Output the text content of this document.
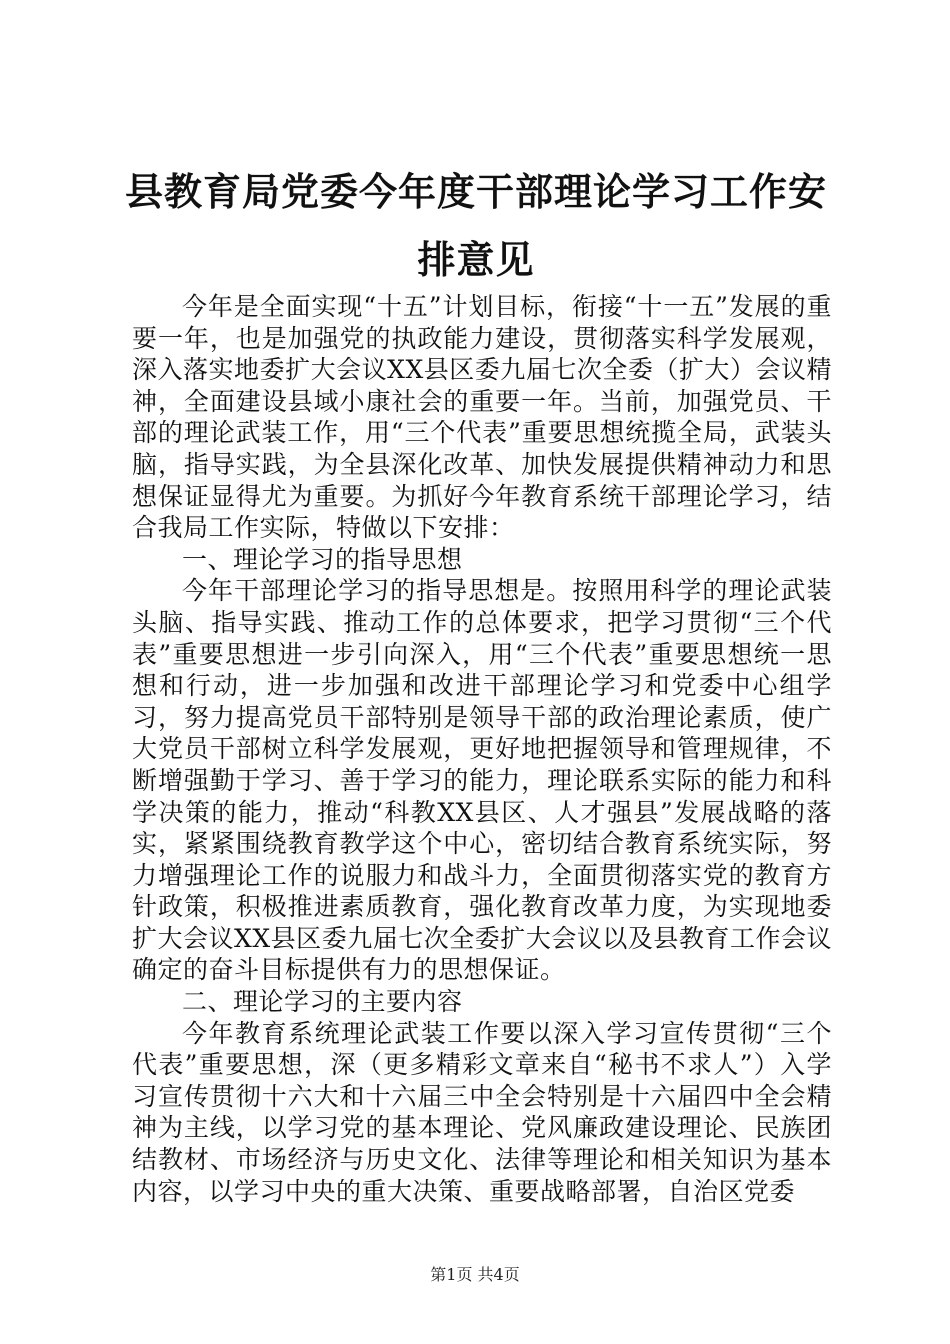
县教育局党委今年度干部理论学习工作安排意见

今年是全面实现“十五”计划目标，衔接“十一五”发展的重要一年，也是加强党的执政能力建设，贯彻落实科学发展观，深入落实地委扩大会议XX县区委九届七次全委（扩大）会议精神，全面建设县域小康社会的重要一年。当前，加强党员、干部的理论武装工作，用“三个代表”重要思想统揽全局，武装头脑，指导实践，为全县深化改革、加快发展提供精神动力和思想保证显得尤为重要。为抓好今年教育系统干部理论学习，结合我局工作实际，特做以下安排：

一、理论学习的指导思想

今年干部理论学习的指导思想是。按照用科学的理论武装头脑、指导实践、推动工作的总体要求，把学习贯彻“三个代表”重要思想进一步引向深入，用“三个代表”重要思想统一思想和行动，进一步加强和改进干部理论学习和党委中心组学习，努力提高党员干部特别是领导干部的政治理论素质，使广大党员干部树立科学发展观，更好地把握领导和管理规律，不断增强勤于学习、善于学习的能力，理论联系实际的能力和科学决策的能力，推动“科教XX县区、人才强县”发展战略的落实，紧紧围绕教育教学这个中心，密切结合教育系统实际，努力增强理论工作的说服力和战斗力，全面贯彻落实党的教育方针政策，积极推进素质教育，强化教育改革力度，为实现地委扩大会议XX县区委九届七次全委扩大会议以及县教育工作会议确定的奋斗目标提供有力的思想保证。

二、理论学习的主要内容

今年教育系统理论武装工作要以深入学习宣传贯彻“三个代表”重要思想，深（更多精彩文章来自“秘书不求人”）入学习宣传贯彻十六大和十六届三中全会特别是十六届四中全会精神为主线，以学习党的基本理论、党风廉政建设理论、民族团结教材、市场经济与历史文化、法律等理论和相关知识为基本内容，以学习中央的重大决策、重要战略部署，自治区党委

第1页 共4页
